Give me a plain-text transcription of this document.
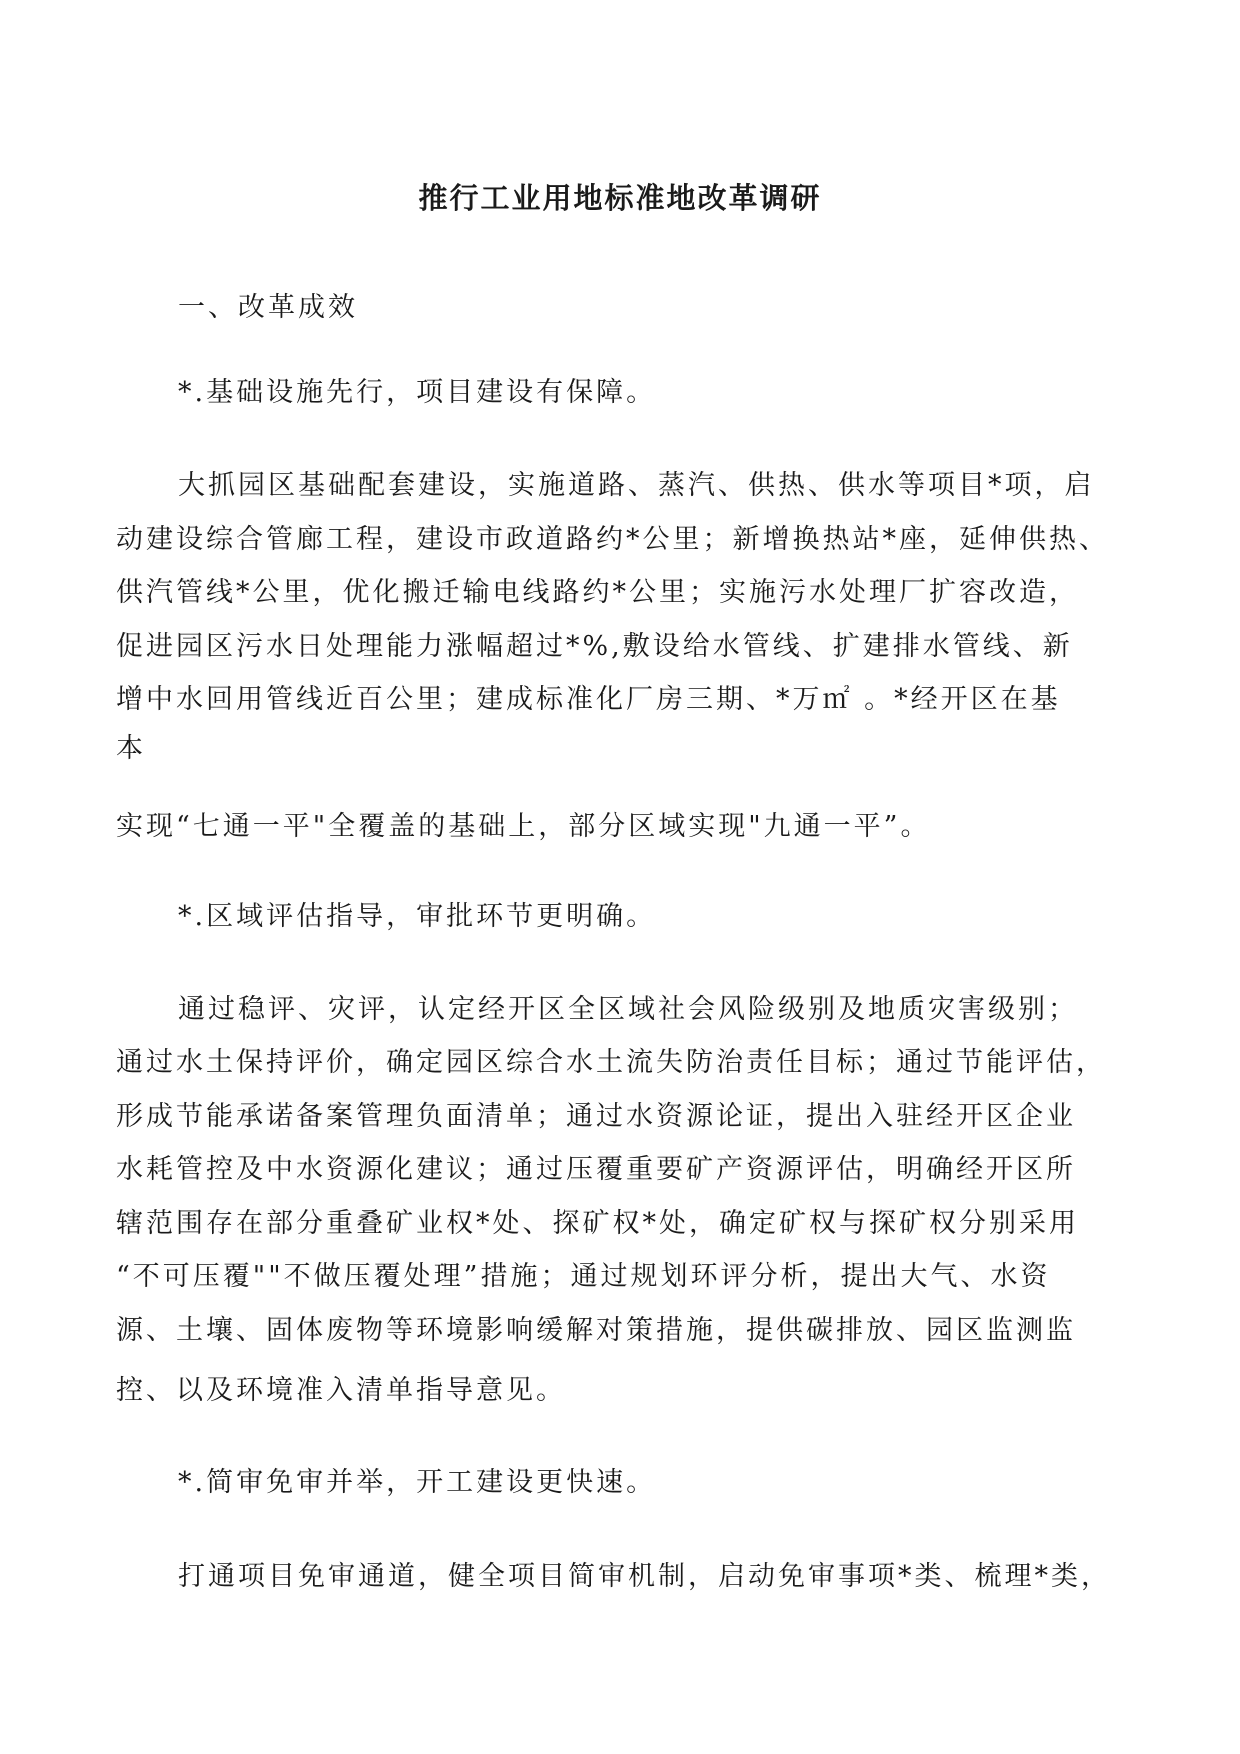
推行工业用地标准地改革调研
一、改革成效
*.基础设施先行，项目建设有保障。
大抓园区基础配套建设，实施道路、蒸汽、供热、供水等项目*项，启
动建设综合管廊工程，建设市政道路约*公里；新增换热站*座，延伸供热、
供汽管线*公里，优化搬迁输电线路约*公里；实施污水处理厂扩容改造，
促进园区污水日处理能力涨幅超过*%,敷设给水管线、扩建排水管线、新
增中水回用管线近百公里；建成标准化厂房三期、*万㎡ 。*经开区在基
本
实现“七通一平"全覆盖的基础上，部分区域实现"九通一平”。
*.区域评估指导，审批环节更明确。
通过稳评、灾评，认定经开区全区域社会风险级别及地质灾害级别；
通过水土保持评价，确定园区综合水土流失防治责任目标；通过节能评估，
形成节能承诺备案管理负面清单；通过水资源论证，提出入驻经开区企业
水耗管控及中水资源化建议；通过压覆重要矿产资源评估，明确经开区所
辖范围存在部分重叠矿业权*处、探矿权*处，确定矿权与探矿权分别采用
“不可压覆""不做压覆处理”措施；通过规划环评分析，提出大气、水资
源、土壤、固体废物等环境影响缓解对策措施，提供碳排放、园区监测监
控、以及环境准入清单指导意见。
*.简审免审并举，开工建设更快速。
打通项目免审通道，健全项目简审机制，启动免审事项*类、梳理*类，
